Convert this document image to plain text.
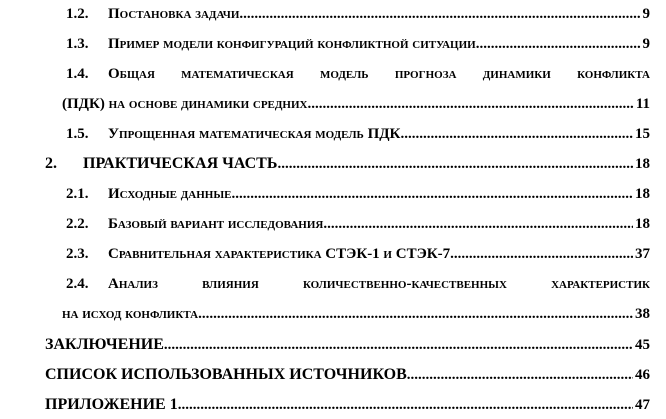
1.2.	Постановка задачи .....	9
1.3.	Пример модели конфигураций конфликтной ситуации .....	9
1.4.	Общая математическая модель прогноза динамики конфликта
(ПДК) на основе динамики средних .....	11
1.5.	Упрощенная математическая модель ПДК .....	15
2.	ПРАКТИЧЕСКАЯ ЧАСТЬ .....	18
2.1.	Исходные данные .....	18
2.2.	Базовый вариант исследования .....	18
2.3.	Сравнительная характеристика СТЭК-1 и СТЭК-7 .....	37
2.4.	Анализ влияния количественно-качественных характеристик
на исход конфликта .....	38
ЗАКЛЮЧЕНИЕ .....	45
СПИСОК ИСПОЛЬЗОВАННЫХ ИСТОЧНИКОВ .....	46
ПРИЛОЖЕНИЕ 1 .....	47
